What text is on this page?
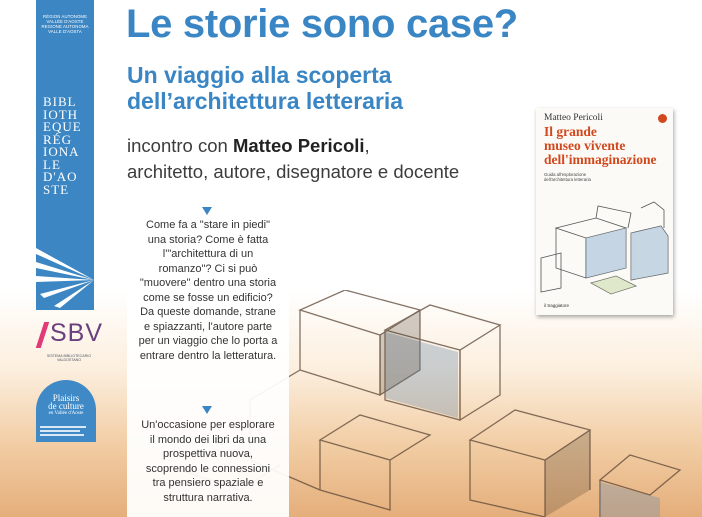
RÉGION AUTONOME
VALLÉE D'AOSTE
REGIONE AUTONOMA
VALLE D'AOSTA
BIBL
IOTH
EQUE
RÉG
IONA
LE
D'AO
STE
SBV
SISTEMA BIBLIOTECARIO VALDOSTANO
Plaisirs
de culture
en Vallée d'Aoste
Le storie sono case?
Un viaggio alla scoperta
dell’architettura letteraria
incontro con Matteo Pericoli,
architetto, autore, disegnatore e docente
Come fa a "stare in piedi" una storia? Come è fatta l'"architettura di un romanzo"? Ci si può "muovere" dentro una storia come se fosse un edificio? Da queste domande, strane e spiazzanti, l'autore parte per un viaggio che lo porta a entrare dentro la letteratura.
Un'occasione per esplorare il mondo dei libri da una prospettiva nuova, scoprendo le connessioni tra pensiero spaziale e struttura narrativa.
Matteo Pericoli
Il grande
museo vivente
dell'immaginazione
Guida all'esplorazione
dell'architettura letteraria
il Saggiatore
